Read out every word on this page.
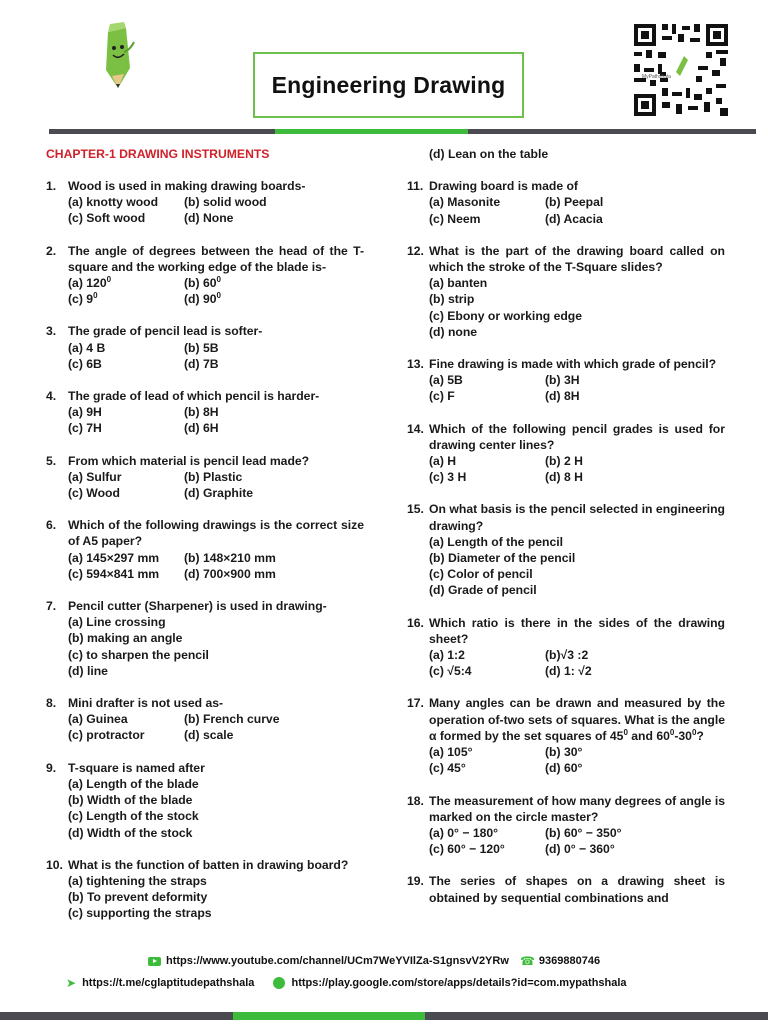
Engineering Drawing	MyPathshala
CHAPTER-1 DRAWING INSTRUMENTS
1. Wood is used in making drawing boards-
(a) knotty wood	(b) solid wood
(c) Soft wood	(d) None
2. The angle of degrees between the head of the T-square and the working edge of the blade is-
(a) $120^0$	(b) $60^0$
(c) $9^0$	(d) $90^0$
3. The grade of pencil lead is softer-
(a) 4 B	(b) 5B
(c) 6B	(d) 7B
4. The grade of lead of which pencil is harder-
(a) 9H	(b) 8H
(c) 7H	(d) 6H
5. From which material is pencil lead made?
(a) Sulfur	(b) Plastic
(c) Wood	(d) Graphite
6. Which of the following drawings is the correct size of A5 paper?
(a) 145×297 mm	(b) 148×210 mm
(c) 594×841 mm	(d) 700×900 mm
7. Pencil cutter (Sharpener) is used in drawing-
(a) Line crossing
(b) making an angle
(c) to sharpen the pencil
(d) line
8. Mini drafter is not used as-
(a) Guinea	(b) French curve
(c) protractor	(d) scale
9. T-square is named after
(a) Length of the blade
(b) Width of the blade
(c) Length of the stock
(d) Width of the stock
10. What is the function of batten in drawing board?
(a) tightening the straps
(b) To prevent deformity
(c) supporting the straps
(d) Lean on the table
11. Drawing board is made of
(a) Masonite	(b) Peepal
(c) Neem	(d) Acacia
12. What is the part of the drawing board called on which the stroke of the T-Square slides?
(a) banten
(b) strip
(c) Ebony or working edge
(d) none
13. Fine drawing is made with which grade of pencil?
(a) 5B	(b) 3H
(c) F	(d) 8H
14. Which of the following pencil grades is used for drawing center lines?
(a) H	(b) 2 H
(c) 3 H	(d) 8 H
15. On what basis is the pencil selected in engineering drawing?
(a) Length of the pencil
(b) Diameter of the pencil
(c) Color of pencil
(d) Grade of pencil
16. Which ratio is there in the sides of the drawing sheet?
(a) 1:2	(b)√3 :2
(c) √5:4	(d) 1: √2
17. Many angles can be drawn and measured by the operation of-two sets of squares. What is the angle α formed by the set squares of $45^0$ and $60^0-30^0$?
(a) 105°	(b) 30°
(c) 45°	(d) 60°
18. The measurement of how many degrees of angle is marked on the circle master?
(a) 0° − 180°	(b) 60° − 350°
(c) 60° − 120°	(d) 0° − 360°
19. The series of shapes on a drawing sheet is obtained by sequential combinations and
https://www.youtube.com/channel/UCm7WeYVIlZa-S1gnsvV2YRw ☎ 9369880746
➤ https://t.me/cglaptitudepathshala	https://play.google.com/store/apps/details?id=com.mypathshala
